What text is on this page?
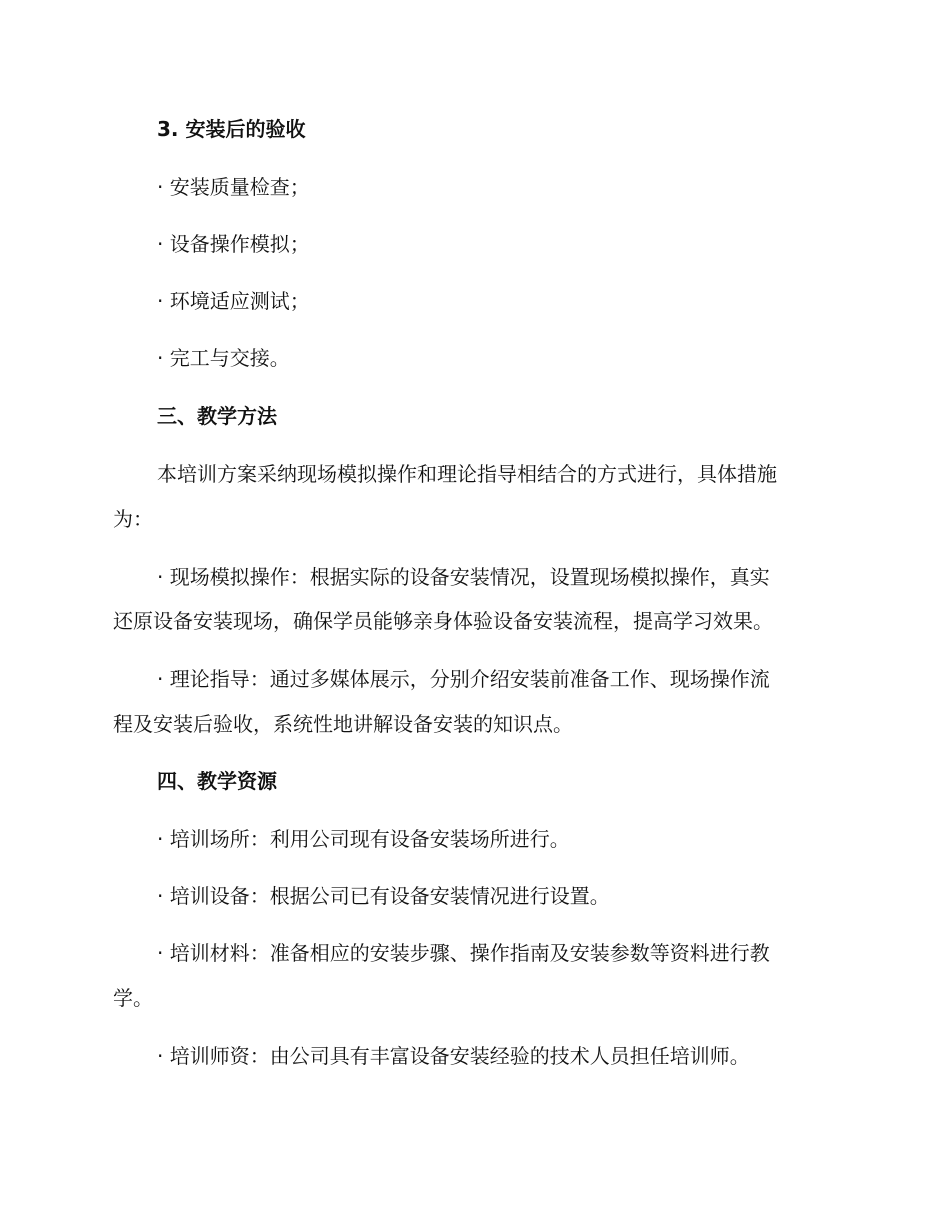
3. 安装后的验收
· 安装质量检查；
· 设备操作模拟；
· 环境适应测试；
· 完工与交接。
三、教学方法
本培训方案采纳现场模拟操作和理论指导相结合的方式进行，具体措施
为：
· 现场模拟操作：根据实际的设备安装情况，设置现场模拟操作，真实
还原设备安装现场，确保学员能够亲身体验设备安装流程，提高学习效果。
· 理论指导：通过多媒体展示，分别介绍安装前准备工作、现场操作流
程及安装后验收，系统性地讲解设备安装的知识点。
四、教学资源
· 培训场所：利用公司现有设备安装场所进行。
· 培训设备：根据公司已有设备安装情况进行设置。
· 培训材料：准备相应的安装步骤、操作指南及安装参数等资料进行教
学。
· 培训师资：由公司具有丰富设备安装经验的技术人员担任培训师。
